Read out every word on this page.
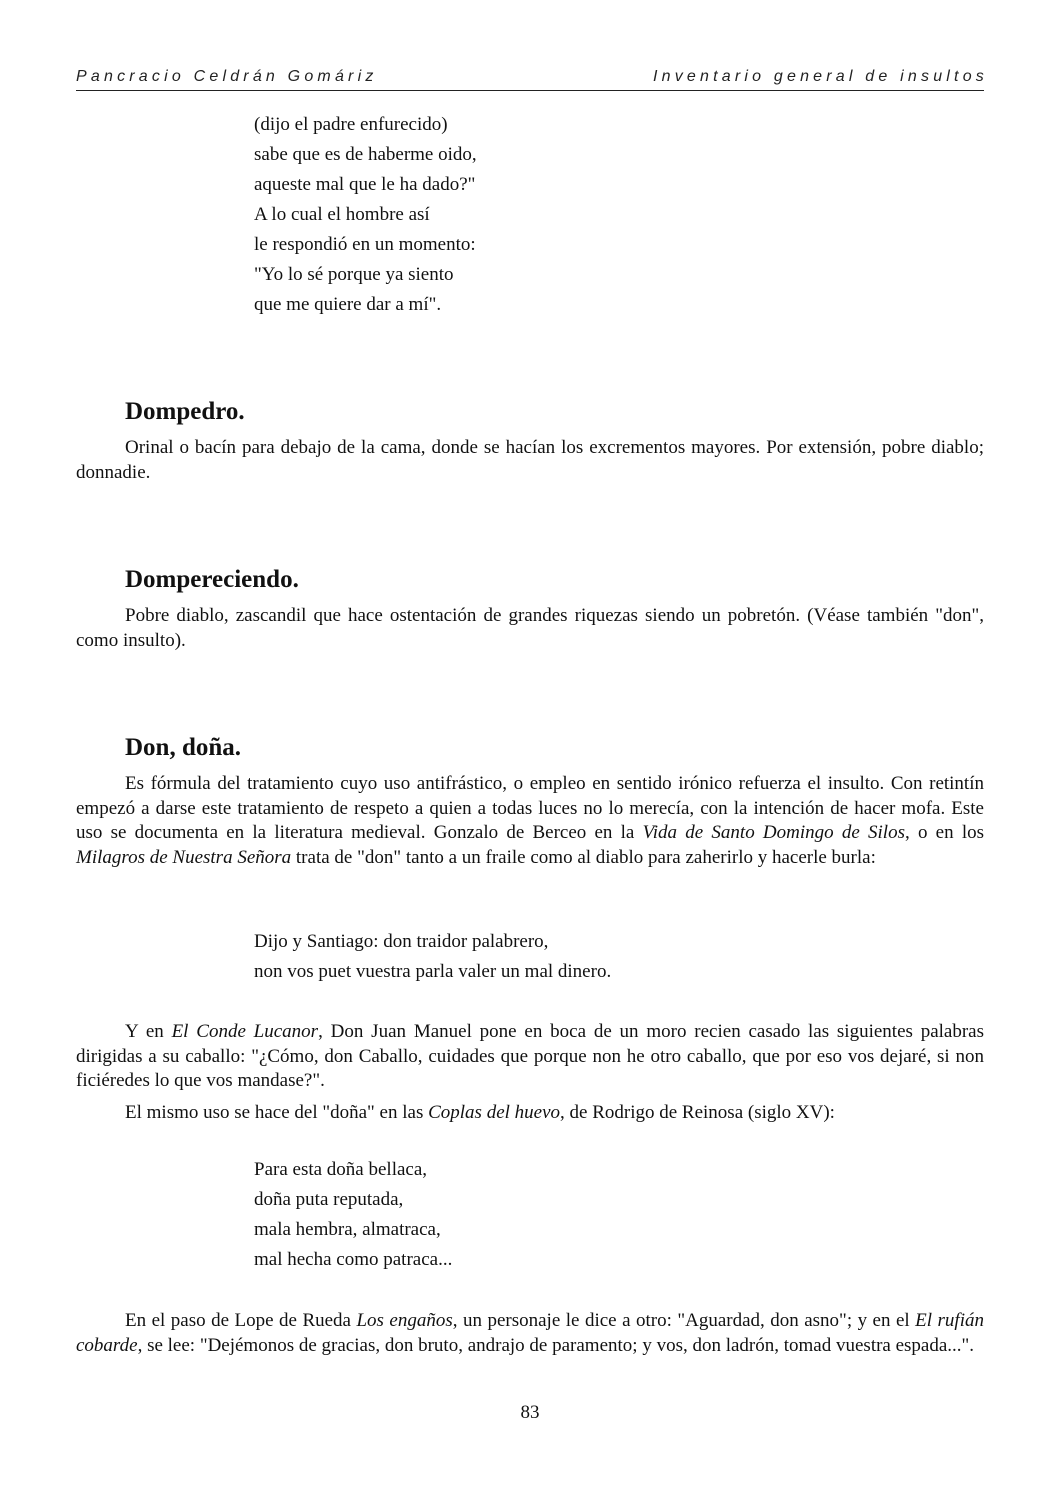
Pancracio Celdrán Gomáriz	Inventario general de insultos
(dijo el padre enfurecido)
sabe que es de haberme oido,
aqueste mal que le ha dado?"
A lo cual el hombre así
le respondió en un momento:
"Yo lo sé porque ya siento
que me quiere dar a mí".
Dompedro.
Orinal o bacín para debajo de la cama, donde se hacían los excrementos mayores. Por extensión, pobre diablo; donnadie.
Dompereciendo.
Pobre diablo, zascandil que hace ostentación de grandes riquezas siendo un pobretón. (Véase también "don", como insulto).
Don, doña.
Es fórmula del tratamiento cuyo uso antifrástico, o empleo en sentido irónico refuerza el insulto. Con retintín empezó a darse este tratamiento de respeto a quien a todas luces no lo merecía, con la intención de hacer mofa. Este uso se documenta en la literatura medieval. Gonzalo de Berceo en la Vida de Santo Domingo de Silos, o en los Milagros de Nuestra Señora trata de "don" tanto a un fraile como al diablo para zaherirlo y hacerle burla:
Dijo y Santiago: don traidor palabrero,
non vos puet vuestra parla valer un mal dinero.
Y en El Conde Lucanor, Don Juan Manuel pone en boca de un moro recien casado las siguientes palabras dirigidas a su caballo: "¿Cómo, don Caballo, cuidades que porque non he otro caballo, que por eso vos dejaré, si non ficiéredes lo que vos mandase?".
El mismo uso se hace del "doña" en las Coplas del huevo, de Rodrigo de Reinosa (siglo XV):
Para esta doña bellaca,
doña puta reputada,
mala hembra, almatraca,
mal hecha como patraca...
En el paso de Lope de Rueda Los engaños, un personaje le dice a otro: "Aguardad, don asno"; y en el El rufián cobarde, se lee: "Dejémonos de gracias, don bruto, andrajo de paramento; y vos, don ladrón, tomad vuestra espada...".
83
